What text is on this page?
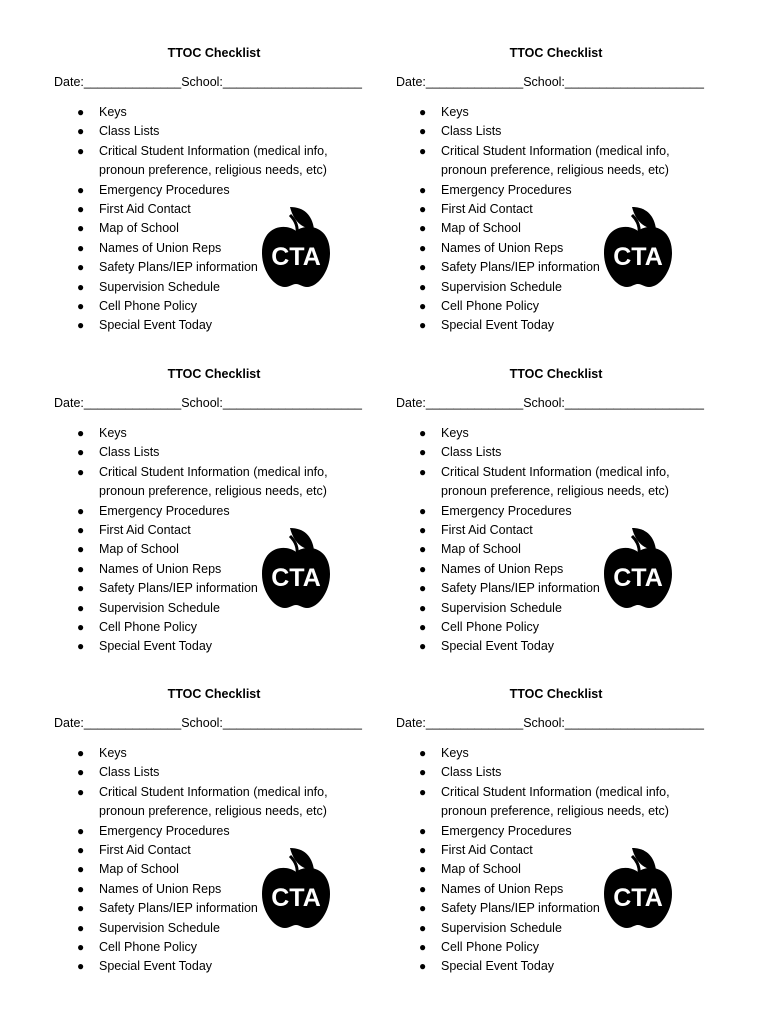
TTOC Checklist
Date:______________School:____________________
● Keys
● Class Lists
● Critical Student Information (medical info, pronoun preference, religious needs, etc)
● Emergency Procedures
● First Aid Contact
● Map of School
● Names of Union Reps
● Safety Plans/IEP information
● Supervision Schedule
● Cell Phone Policy
● Special Event Today
CTA
TTOC Checklist
Date:______________School:____________________
● Keys
● Class Lists
● Critical Student Information (medical info, pronoun preference, religious needs, etc)
● Emergency Procedures
● First Aid Contact
● Map of School
● Names of Union Reps
● Safety Plans/IEP information
● Supervision Schedule
● Cell Phone Policy
● Special Event Today
CTA
TTOC Checklist
Date:______________School:____________________
● Keys
● Class Lists
● Critical Student Information (medical info, pronoun preference, religious needs, etc)
● Emergency Procedures
● First Aid Contact
● Map of School
● Names of Union Reps
● Safety Plans/IEP information
● Supervision Schedule
● Cell Phone Policy
● Special Event Today
CTA
TTOC Checklist
Date:______________School:____________________
● Keys
● Class Lists
● Critical Student Information (medical info, pronoun preference, religious needs, etc)
● Emergency Procedures
● First Aid Contact
● Map of School
● Names of Union Reps
● Safety Plans/IEP information
● Supervision Schedule
● Cell Phone Policy
● Special Event Today
CTA
TTOC Checklist
Date:______________School:____________________
● Keys
● Class Lists
● Critical Student Information (medical info, pronoun preference, religious needs, etc)
● Emergency Procedures
● First Aid Contact
● Map of School
● Names of Union Reps
● Safety Plans/IEP information
● Supervision Schedule
● Cell Phone Policy
● Special Event Today
CTA
TTOC Checklist
Date:______________School:____________________
● Keys
● Class Lists
● Critical Student Information (medical info, pronoun preference, religious needs, etc)
● Emergency Procedures
● First Aid Contact
● Map of School
● Names of Union Reps
● Safety Plans/IEP information
● Supervision Schedule
● Cell Phone Policy
● Special Event Today
CTA
